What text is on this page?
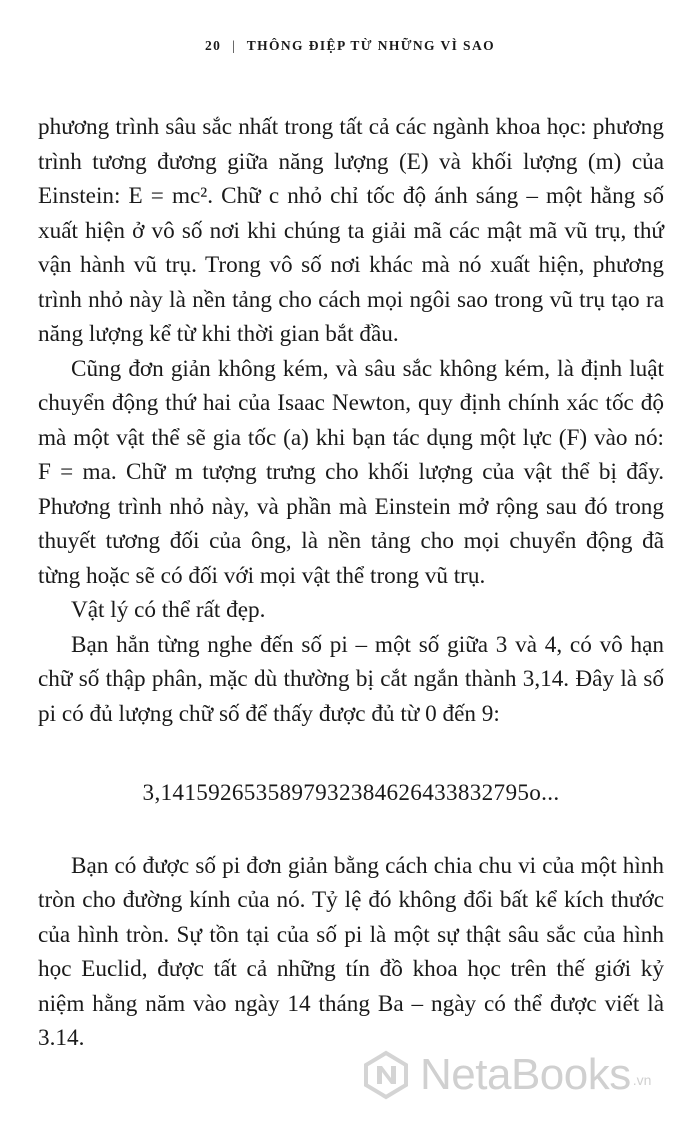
20 | THÔNG ĐIỆP TỪ NHỮNG VÌ SAO

phương trình sâu sắc nhất trong tất cả các ngành khoa học: phương trình tương đương giữa năng lượng (E) và khối lượng (m) của Einstein: E = mc². Chữ c nhỏ chỉ tốc độ ánh sáng – một hằng số xuất hiện ở vô số nơi khi chúng ta giải mã các mật mã vũ trụ, thứ vận hành vũ trụ. Trong vô số nơi khác mà nó xuất hiện, phương trình nhỏ này là nền tảng cho cách mọi ngôi sao trong vũ trụ tạo ra năng lượng kể từ khi thời gian bắt đầu.

Cũng đơn giản không kém, và sâu sắc không kém, là định luật chuyển động thứ hai của Isaac Newton, quy định chính xác tốc độ mà một vật thể sẽ gia tốc (a) khi bạn tác dụng một lực (F) vào nó: F = ma. Chữ m tượng trưng cho khối lượng của vật thể bị đẩy. Phương trình nhỏ này, và phần mà Einstein mở rộng sau đó trong thuyết tương đối của ông, là nền tảng cho mọi chuyển động đã từng hoặc sẽ có đối với mọi vật thể trong vũ trụ.

Vật lý có thể rất đẹp.

Bạn hẳn từng nghe đến số pi – một số giữa 3 và 4, có vô hạn chữ số thập phân, mặc dù thường bị cắt ngắn thành 3,14. Đây là số pi có đủ lượng chữ số để thấy được đủ từ 0 đến 9:

3,1415926535897932384626433832795o...

Bạn có được số pi đơn giản bằng cách chia chu vi của một hình tròn cho đường kính của nó. Tỷ lệ đó không đổi bất kể kích thước của hình tròn. Sự tồn tại của số pi là một sự thật sâu sắc của hình học Euclid, được tất cả những tín đồ khoa học trên thế giới kỷ niệm hằng năm vào ngày 14 tháng Ba – ngày có thể được viết là 3.14.

NetaBooks .vn
